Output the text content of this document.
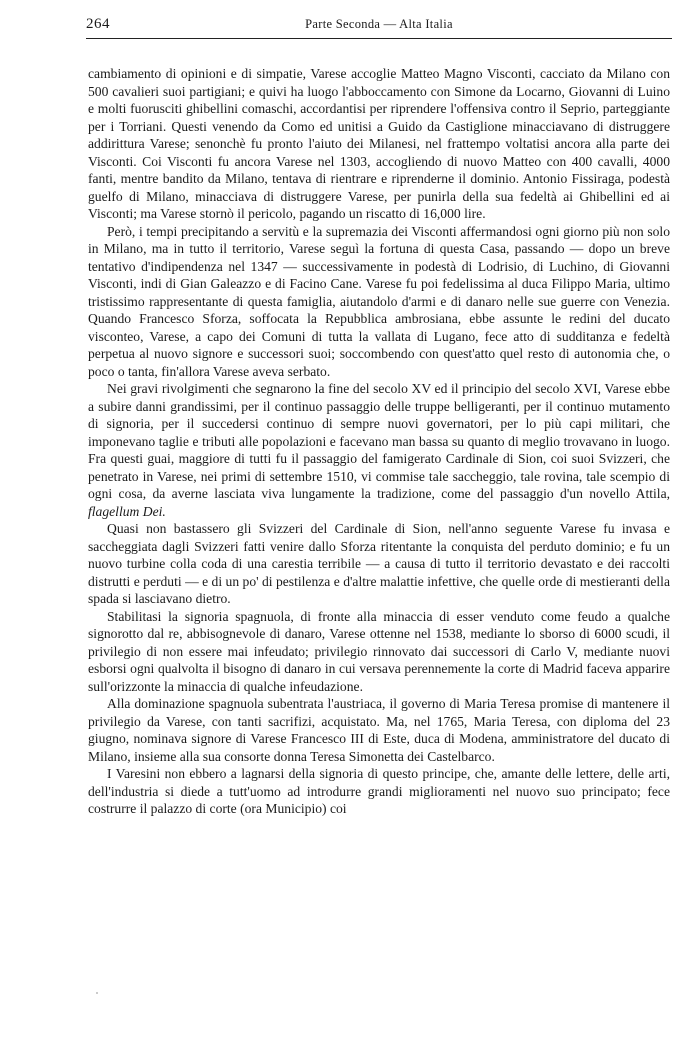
264	Parte Seconda — Alta Italia

cambiamento di opinioni e di simpatie, Varese accoglie Matteo Magno Visconti, cacciato da Milano con 500 cavalieri suoi partigiani; e quivi ha luogo l'abboccamento con Simone da Locarno, Giovanni di Luino e molti fuorusciti ghibellini comaschi, accordantisi per riprendere l'offensiva contro il Seprio, parteggiante per i Torriani. Questi venendo da Como ed unitisi a Guido da Castiglione minacciavano di distruggere addirittura Varese; senonchè fu pronto l'aiuto dei Milanesi, nel frattempo voltatisi ancora alla parte dei Visconti. Coi Visconti fu ancora Varese nel 1303, accogliendo di nuovo Matteo con 400 cavalli, 4000 fanti, mentre bandito da Milano, tentava di rientrare e riprenderne il dominio. Antonio Fissiraga, podestà guelfo di Milano, minacciava di distruggere Varese, per punirla della sua fedeltà ai Ghibellini ed ai Visconti; ma Varese stornò il pericolo, pagando un riscatto di 16,000 lire.

Però, i tempi precipitando a servitù e la supremazia dei Visconti affermandosi ogni giorno più non solo in Milano, ma in tutto il territorio, Varese seguì la fortuna di questa Casa, passando — dopo un breve tentativo d'indipendenza nel 1347 — successivamente in podestà di Lodrisio, di Luchino, di Giovanni Visconti, indi di Gian Galeazzo e di Facino Cane. Varese fu poi fedelissima al duca Filippo Maria, ultimo tristissimo rappresentante di questa famiglia, aiutandolo d'armi e di danaro nelle sue guerre con Venezia. Quando Francesco Sforza, soffocata la Repubblica ambrosiana, ebbe assunte le redini del ducato visconteo, Varese, a capo dei Comuni di tutta la vallata di Lugano, fece atto di sudditanza e fedeltà perpetua al nuovo signore e successori suoi; soccombendo con quest'atto quel resto di autonomia che, o poco o tanta, fin'allora Varese aveva serbato.

Nei gravi rivolgimenti che segnarono la fine del secolo XV ed il principio del secolo XVI, Varese ebbe a subire danni grandissimi, per il continuo passaggio delle truppe belligeranti, per il continuo mutamento di signoria, per il succedersi continuo di sempre nuovi governatori, per lo più capi militari, che imponevano taglie e tributi alle popolazioni e facevano man bassa su quanto di meglio trovavano in luogo. Fra questi guai, maggiore di tutti fu il passaggio del famigerato Cardinale di Sion, coi suoi Svizzeri, che penetrato in Varese, nei primi di settembre 1510, vi commise tale saccheggio, tale rovina, tale scempio di ogni cosa, da averne lasciata viva lungamente la tradizione, come del passaggio d'un novello Attila, flagellum Dei.

Quasi non bastassero gli Svizzeri del Cardinale di Sion, nell'anno seguente Varese fu invasa e saccheggiata dagli Svizzeri fatti venire dallo Sforza ritentante la conquista del perduto dominio; e fu un nuovo turbine colla coda di una carestia terribile — a causa di tutto il territorio devastato e dei raccolti distrutti e perduti — e di un po' di pestilenza e d'altre malattie infettive, che quelle orde di mestieranti della spada si lasciavano dietro.

Stabilitasi la signoria spagnuola, di fronte alla minaccia di esser venduto come feudo a qualche signorotto dal re, abbisognevole di danaro, Varese ottenne nel 1538, mediante lo sborso di 6000 scudi, il privilegio di non essere mai infeudato; privilegio rinnovato dai successori di Carlo V, mediante nuovi esborsi ogni qualvolta il bisogno di danaro in cui versava perennemente la corte di Madrid faceva apparire sull'orizzonte la minaccia di qualche infeudazione.

Alla dominazione spagnuola subentrata l'austriaca, il governo di Maria Teresa promise di mantenere il privilegio da Varese, con tanti sacrifizi, acquistato. Ma, nel 1765, Maria Teresa, con diploma del 23 giugno, nominava signore di Varese Francesco III di Este, duca di Modena, amministratore del ducato di Milano, insieme alla sua consorte donna Teresa Simonetta dei Castelbarco.

I Varesini non ebbero a lagnarsi della signoria di questo principe, che, amante delle lettere, delle arti, dell'industria si diede a tutt'uomo ad introdurre grandi miglioramenti nel nuovo suo principato; fece costrurre il palazzo di corte (ora Municipio) coi
